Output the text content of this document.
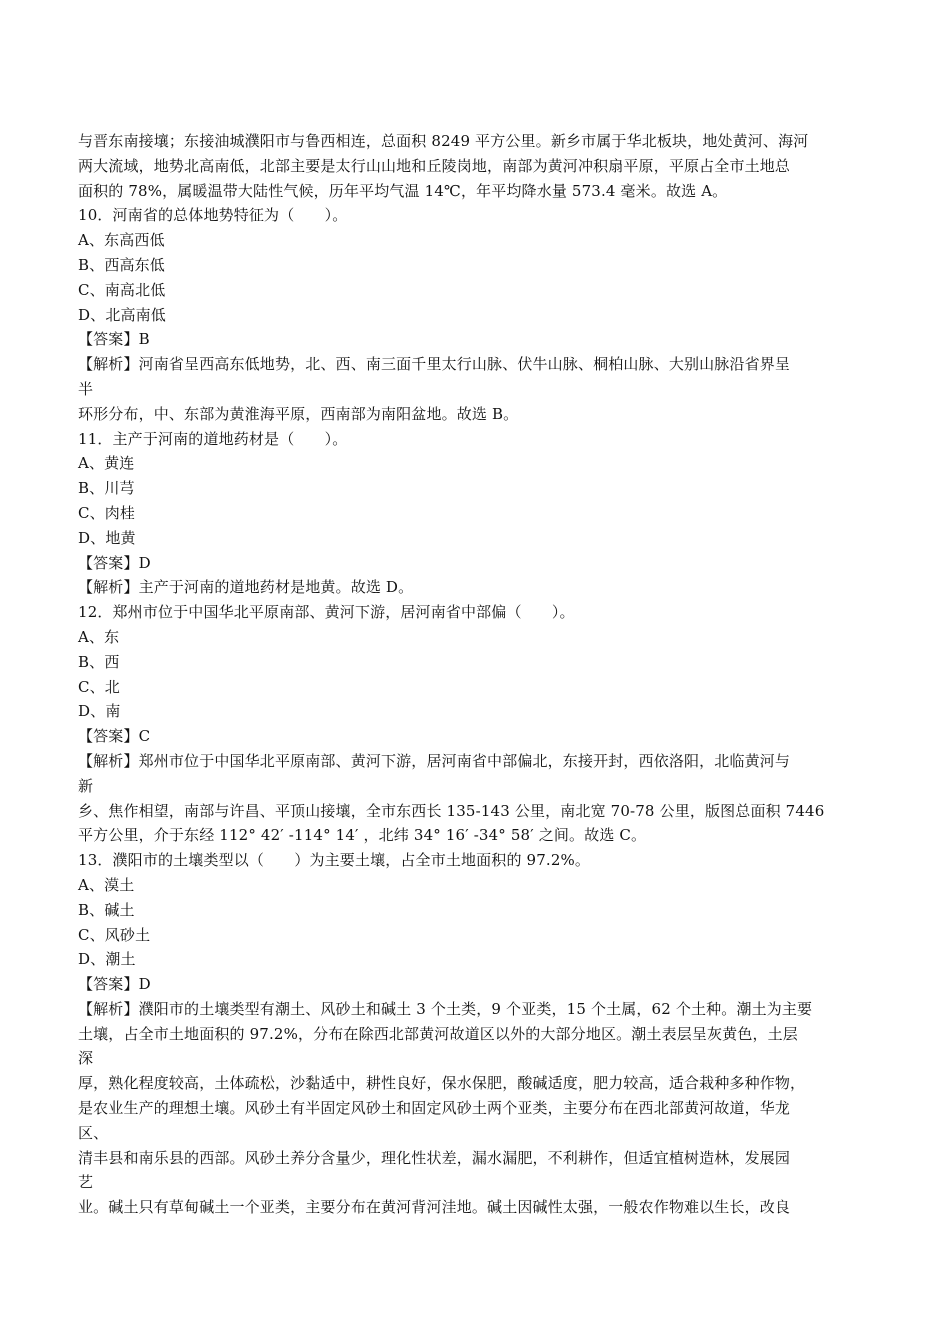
与晋东南接壤；东接油城濮阳市与鲁西相连，总面积 8249 平方公里。新乡市属于华北板块，地处黄河、海河
两大流域，地势北高南低，北部主要是太行山山地和丘陵岗地，南部为黄河冲积扇平原，平原占全市土地总
面积的 78%，属暖温带大陆性气候，历年平均气温 14℃，年平均降水量 573.4 毫米。故选 A。
10．河南省的总体地势特征为（　　）。
A、东高西低
B、西高东低
C、南高北低
D、北高南低
【答案】B
【解析】河南省呈西高东低地势，北、西、南三面千里太行山脉、伏牛山脉、桐柏山脉、大别山脉沿省界呈
半
环形分布，中、东部为黄淮海平原，西南部为南阳盆地。故选 B。
11．主产于河南的道地药材是（　　）。
A、黄连
B、川芎
C、肉桂
D、地黄
【答案】D
【解析】主产于河南的道地药材是地黄。故选 D。
12．郑州市位于中国华北平原南部、黄河下游，居河南省中部偏（　　）。
A、东
B、西
C、北
D、南
【答案】C
【解析】郑州市位于中国华北平原南部、黄河下游，居河南省中部偏北，东接开封，西依洛阳，北临黄河与
新
乡、焦作相望，南部与许昌、平顶山接壤，全市东西长 135-143 公里，南北宽 70-78 公里，版图总面积 7446
平方公里，介于东经 112° 42′ -114° 14′ ，北纬 34° 16′ -34° 58′ 之间。故选 C。
13．濮阳市的土壤类型以（　　）为主要土壤，占全市土地面积的 97.2%。
A、漠土
B、碱土
C、风砂土
D、潮土
【答案】D
【解析】濮阳市的土壤类型有潮土、风砂土和碱土 3 个土类，9 个亚类，15 个土属，62 个土种。潮土为主要
土壤，占全市土地面积的 97.2%，分布在除西北部黄河故道区以外的大部分地区。潮土表层呈灰黄色，土层
深
厚，熟化程度较高，土体疏松，沙黏适中，耕性良好，保水保肥，酸碱适度，肥力较高，适合栽种多种作物，
是农业生产的理想土壤。风砂土有半固定风砂土和固定风砂土两个亚类，主要分布在西北部黄河故道，华龙
区、
清丰县和南乐县的西部。风砂土养分含量少，理化性状差，漏水漏肥，不利耕作，但适宜植树造林，发展园
艺
业。碱土只有草甸碱土一个亚类，主要分布在黄河背河洼地。碱土因碱性太强，一般农作物难以生长，改良
